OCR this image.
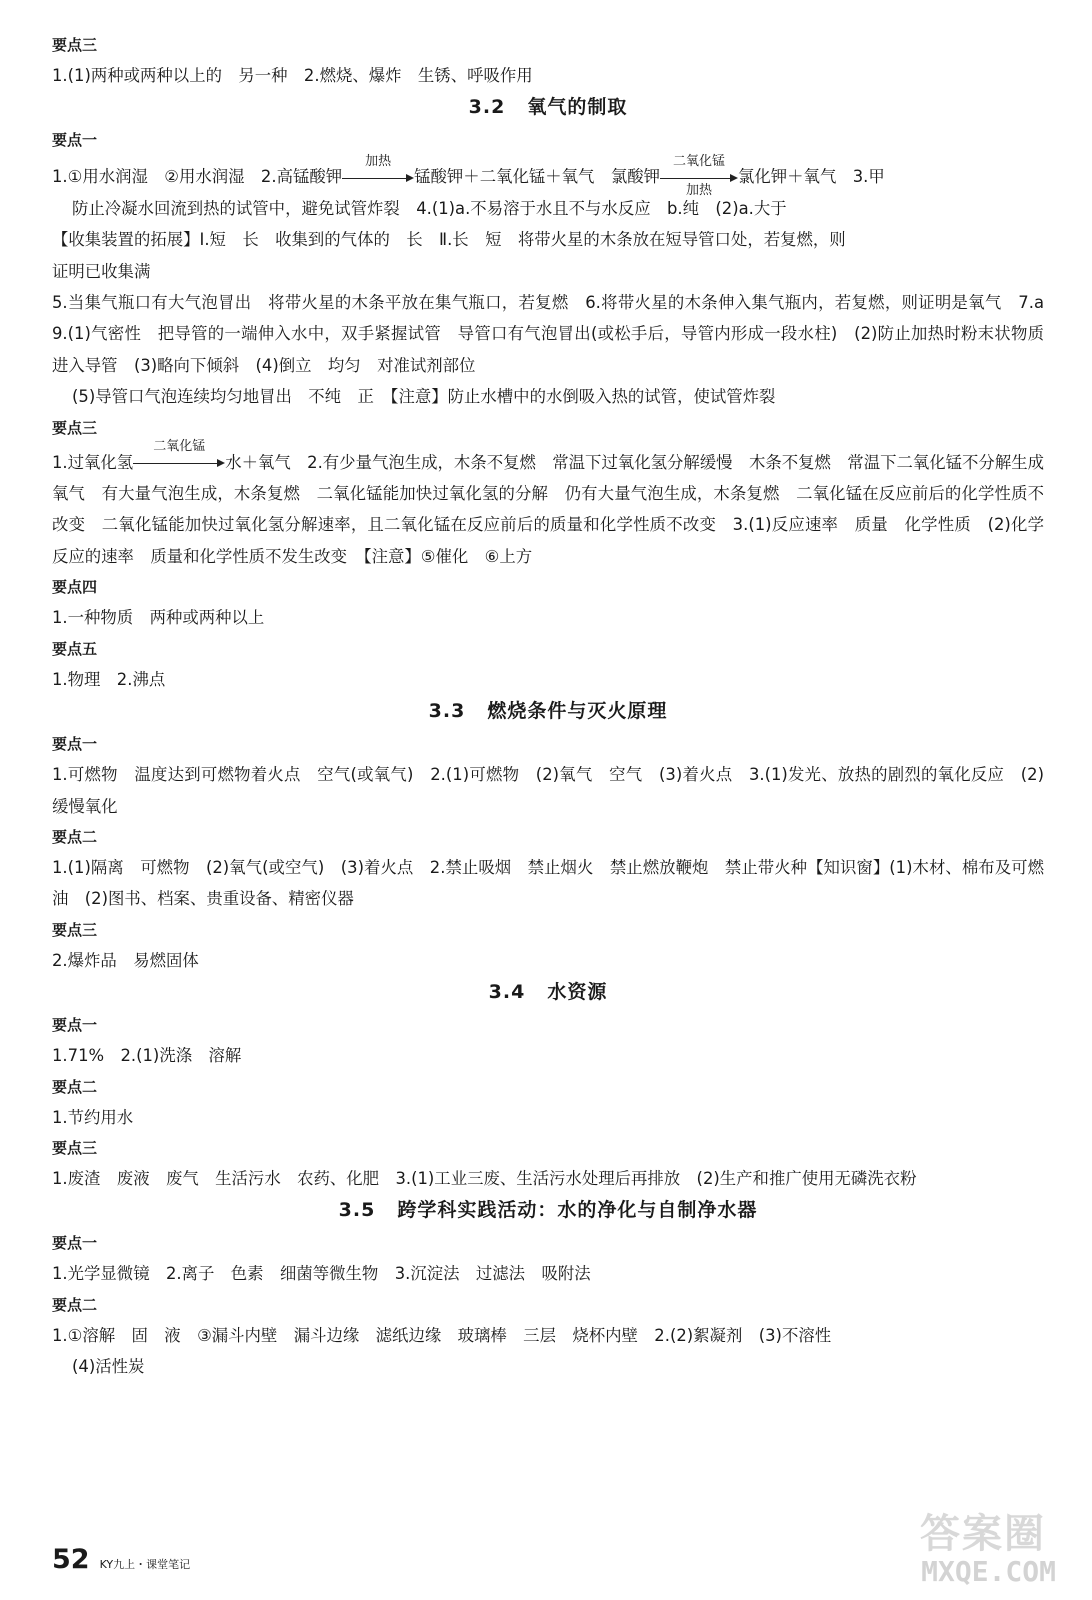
要点三
1.(1)两种或两种以上的　另一种　2.燃烧、爆炸　生锈、呼吸作用
3.2 氧气的制取
要点一
1.①用水润湿　②用水润湿　2.高锰酸钾
加热
锰酸钾＋二氧化锰＋氧气　氯酸钾
二氧化锰
加热
氯化钾＋氧气　3.甲
防止冷凝水回流到热的试管中，避免试管炸裂　4.(1)a.不易溶于水且不与水反应　b.纯　(2)a.大于
【收集装置的拓展】Ⅰ.短　长　收集到的气体的　长　Ⅱ.长　短　将带火星的木条放在短导管口处，若复燃，则
证明已收集满
5.当集气瓶口有大气泡冒出　将带火星的木条平放在集气瓶口，若复燃　6.将带火星的木条伸入集气瓶内，若复燃，则证明是氧气　7.a　9.(1)气密性　把导管的一端伸入水中，双手紧握试管　导管口有气泡冒出(或松手后，导管内形成一段水柱)　(2)防止加热时粉末状物质进入导管　(3)略向下倾斜　(4)倒立　均匀　对准试剂部位
(5)导管口气泡连续均匀地冒出　不纯　正　【注意】防止水槽中的水倒吸入热的试管，使试管炸裂
要点三
1.过氧化氢
二氧化锰
水＋氧气　2.有少量气泡生成，木条不复燃　常温下过氧化氢分解缓慢　木条不复燃　常温下二氧化锰不分解生成氧气　有大量气泡生成，木条复燃　二氧化锰能加快过氧化氢的分解　仍有大量气泡生成，木条复燃　二氧化锰在反应前后的化学性质不改变　二氧化锰能加快过氧化氢分解速率，且二氧化锰在反应前后的质量和化学性质不改变　3.(1)反应速率　质量　化学性质　(2)化学反应的速率　质量和化学性质不发生改变　【注意】⑤催化　⑥上方
要点四
1.一种物质　两种或两种以上
要点五
1.物理　2.沸点
3.3 燃烧条件与灭火原理
要点一
1.可燃物　温度达到可燃物着火点　空气(或氧气)　2.(1)可燃物　(2)氧气　空气　(3)着火点　3.(1)发光、放热的剧烈的氧化反应　(2)缓慢氧化
要点二
1.(1)隔离　可燃物　(2)氧气(或空气)　(3)着火点　2.禁止吸烟　禁止烟火　禁止燃放鞭炮　禁止带火种【知识窗】(1)木材、棉布及可燃油　(2)图书、档案、贵重设备、精密仪器
要点三
2.爆炸品　易燃固体
3.4 水资源
要点一
1.71%　2.(1)洗涤　溶解
要点二
1.节约用水
要点三
1.废渣　废液　废气　生活污水　农药、化肥　3.(1)工业三废、生活污水处理后再排放　(2)生产和推广使用无磷洗衣粉
3.5 跨学科实践活动：水的净化与自制净水器
要点一
1.光学显微镜　2.离子　色素　细菌等微生物　3.沉淀法　过滤法　吸附法
要点二
1.①溶解　固　液　③漏斗内壁　漏斗边缘　滤纸边缘　玻璃棒　三层　烧杯内壁　2.(2)絮凝剂　(3)不溶性
(4)活性炭
52 KY九上・课堂笔记
答案圈
MXQE.COM
